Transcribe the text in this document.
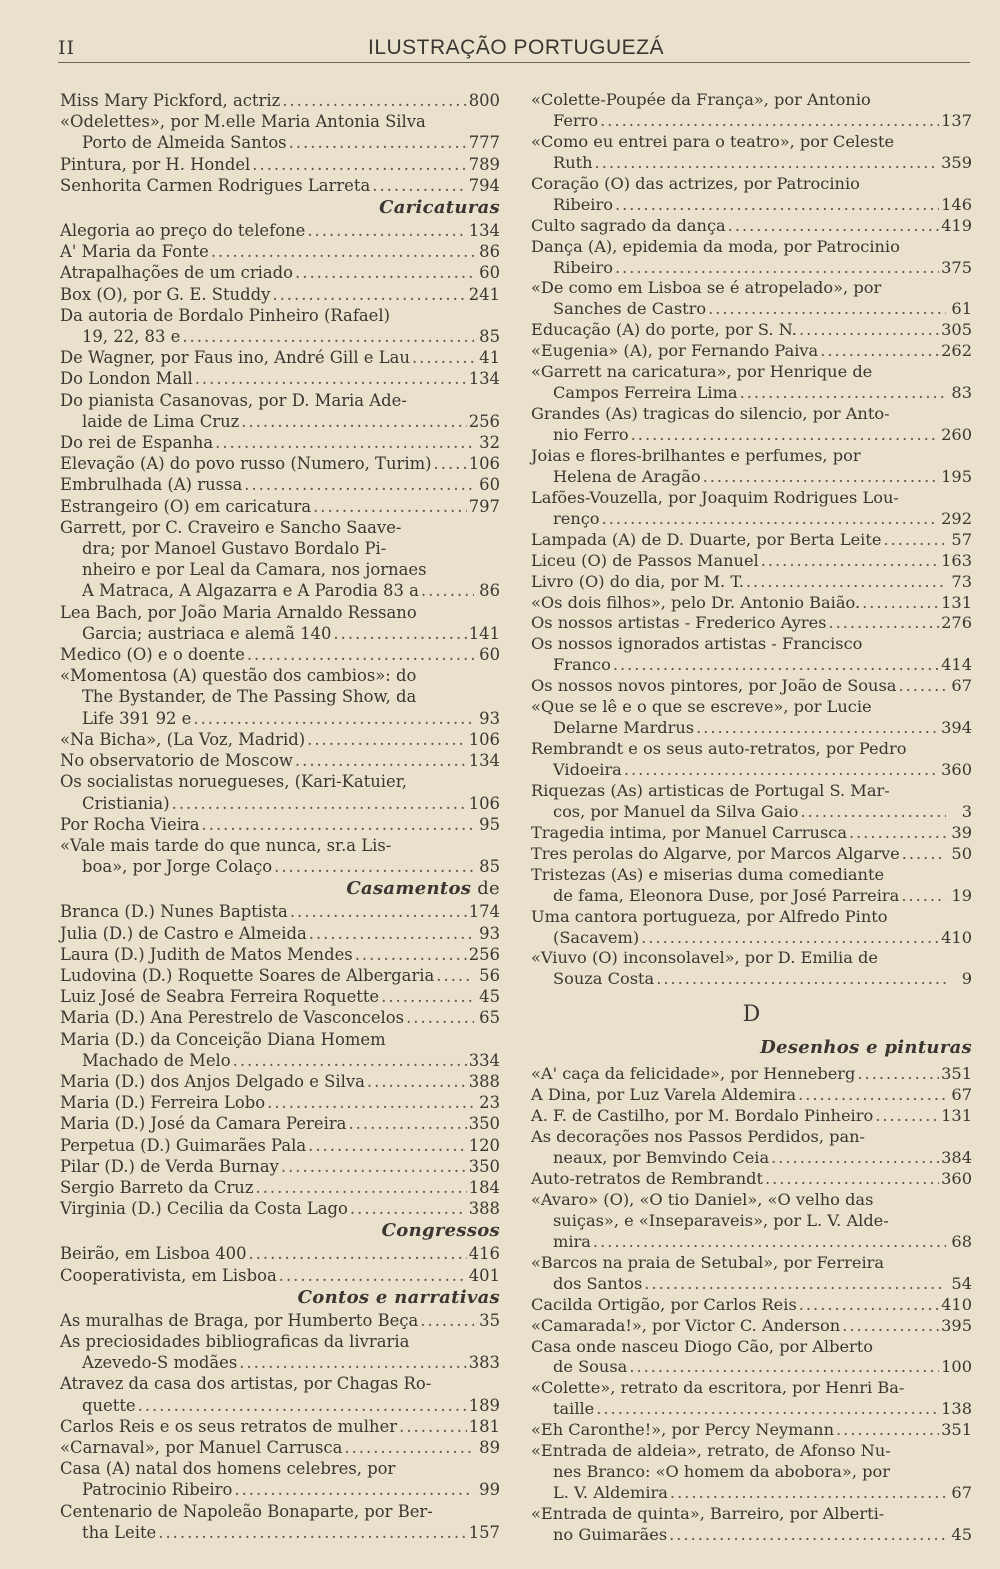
II	ILUSTRAÇÃO PORTUGUEZÁ
Miss Mary Pickford, actriz .....	800
«Odelettes», por M.elle Maria Antonia Silva
Porto de Almeida Santos .....	777
Pintura, por H. Hondel .....	789
Senhorita Carmen Rodrigues Larreta .....	794
Caricaturas
Alegoria ao preço do telefone .....	134
A' Maria da Fonte .....	86
Atrapalhações de um criado .....	60
Box (O), por G. E. Studdy .....	241
Da autoria de Bordalo Pinheiro (Rafael)
19, 22, 83 e .....	85
De Wagner, por Faus ino, André Gill e Lau .....	41
Do London Mall .....	134
Do pianista Casanovas, por D. Maria Ade-
laide de Lima Cruz .....	256
Do rei de Espanha .....	32
Elevação (A) do povo russo (Numero, Turim) ..... 106
Embrulhada (A) russa .....	60
Estrangeiro (O) em caricatura .....	797
Garrett, por C. Craveiro e Sancho Saave-
dra; por Manoel Gustavo Bordalo Pi-
nheiro e por Leal da Camara, nos jornaes
A Matraca, A Algazarra e A Parodia 83 a .....	86
Lea Bach, por João Maria Arnaldo Ressano
Garcia; austriaca e alemã 140 .....	141
Medico (O) e o doente .....	60
«Momentosa (A) questão dos cambios»: do
The Bystander, de The Passing Show, da
Life 391 92 e .....	93
«Na Bicha», (La Voz, Madrid) .....	106
No observatorio de Moscow .....	134
Os socialistas noruegueses, (Kari-Katuier,
Cristiania) .....	106
Por Rocha Vieira .....	95
«Vale mais tarde do que nunca, sr.a Lis-
boa», por Jorge Colaço .....	85
Casamentos de
Branca (D.) Nunes Baptista .....	174
Julia (D.) de Castro e Almeida .....	93
Laura (D.) Judith de Matos Mendes .....	256
Ludovina (D.) Roquette Soares de Albergaria .....	56
Luiz José de Seabra Ferreira Roquette .....	45
Maria (D.) Ana Perestrelo de Vasconcelos .....	65
Maria (D.) da Conceição Diana Homem
Machado de Melo .....	334
Maria (D.) dos Anjos Delgado e Silva .....	388
Maria (D.) Ferreira Lobo .....	23
Maria (D.) José da Camara Pereira .....	350
Perpetua (D.) Guimarães Pala .....	120
Pilar (D.) de Verda Burnay .....	350
Sergio Barreto da Cruz .....	184
Virginia (D.) Cecilia da Costa Lago .....	388
Congressos
Beirão, em Lisboa 400 .....	416
Cooperativista, em Lisboa .....	401
Contos e narrativas
As muralhas de Braga, por Humberto Beça .....	35
As preciosidades bibliograficas da livraria
Azevedo-S modães .....	383
Atravez da casa dos artistas, por Chagas Ro-
quette .....	189
Carlos Reis e os seus retratos de mulher .....	181
«Carnaval», por Manuel Carrusca .....	89
Casa (A) natal dos homens celebres, por
Patrocinio Ribeiro .....	99
Centenario de Napoleão Bonaparte, por Ber-
tha Leite .....	157
«Colette-Poupée da França», por Antonio
Ferro .....	137
«Como eu entrei para o teatro», por Celeste
Ruth .....	359
Coração (O) das actrizes, por Patrocinio
Ribeiro .....	146
Culto sagrado da dança .....	419
Dança (A), epidemia da moda, por Patrocinio
Ribeiro .....	375
«De como em Lisboa se é atropelado», por
Sanches de Castro .....	61
Educação (A) do porte, por S. N. .....	305
«Eugenia» (A), por Fernando Paiva .....	262
«Garrett na caricatura», por Henrique de
Campos Ferreira Lima .....	83
Grandes (As) tragicas do silencio, por Anto-
nio Ferro .....	260
Joias e flores-brilhantes e perfumes, por
Helena de Aragão .....	195
Lafões-Vouzella, por Joaquim Rodrigues Lou-
renço .....	292
Lampada (A) de D. Duarte, por Berta Leite .....	57
Liceu (O) de Passos Manuel .....	163
Livro (O) do dia, por M. T. .....	73
«Os dois filhos», pelo Dr. Antonio Baião. .....	131
Os nossos artistas - Frederico Ayres .....	276
Os nossos ignorados artistas - Francisco
Franco .....	414
Os nossos novos pintores, por João de Sousa .....	67
«Que se lê e o que se escreve», por Lucie
Delarne Mardrus .....	394
Rembrandt e os seus auto-retratos, por Pedro
Vidoeira .....	360
Riquezas (As) artisticas de Portugal S. Mar-
cos, por Manuel da Silva Gaio .....	3
Tragedia intima, por Manuel Carrusca .....	39
Tres perolas do Algarve, por Marcos Algarve .....	50
Tristezas (As) e miserias duma comediante
de fama, Eleonora Duse, por José Parreira .....	19
Uma cantora portugueza, por Alfredo Pinto
(Sacavem) .....	410
«Viuvo (O) inconsolavel», por D. Emilia de
Souza Costa .....	9
D
Desenhos e pinturas
«A' caça da felicidade», por Henneberg .....	351
A Dina, por Luz Varela Aldemira .....	67
A. F. de Castilho, por M. Bordalo Pinheiro .....	131
As decorações nos Passos Perdidos, pan-
neaux, por Bemvindo Ceia .....	384
Auto-retratos de Rembrandt .....	360
«Avaro» (O), «O tio Daniel», «O velho das
suiças», e «Inseparaveis», por L. V. Alde-
mira .....	68
«Barcos na praia de Setubal», por Ferreira
dos Santos .....	54
Cacilda Ortigão, por Carlos Reis .....	410
«Camarada!», por Victor C. Anderson .....	395
Casa onde nasceu Diogo Cão, por Alberto
de Sousa .....	100
«Colette», retrato da escritora, por Henri Ba-
taille .....	138
«Eh Caronthe!», por Percy Neymann .....	351
«Entrada de aldeia», retrato, de Afonso Nu-
nes Branco: «O homem da abobora», por
L. V. Aldemira .....	67
«Entrada de quinta», Barreiro, por Alberti-
no Guimarães .....	45
